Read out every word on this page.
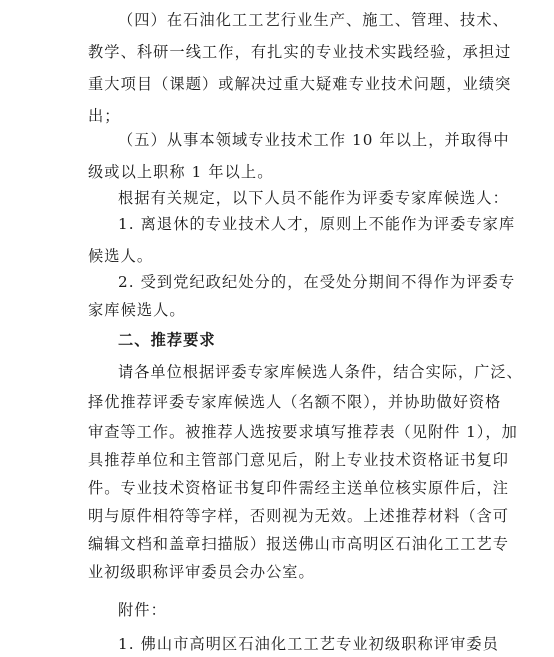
（四）在石油化工工艺行业生产、施工、管理、技术、
教学、科研一线工作，有扎实的专业技术实践经验，承担过
重大项目（课题）或解决过重大疑难专业技术问题，业绩突
出；
（五）从事本领域专业技术工作 10 年以上，并取得中
级或以上职称 1 年以上。
根据有关规定，以下人员不能作为评委专家库候选人：
1. 离退休的专业技术人才，原则上不能作为评委专家库
候选人。
2. 受到党纪政纪处分的，在受处分期间不得作为评委专
家库候选人。
二、推荐要求
请各单位根据评委专家库候选人条件，结合实际，广泛、
择优推荐评委专家库候选人（名额不限），并协助做好资格
审查等工作。被推荐人选按要求填写推荐表（见附件 1），加
具推荐单位和主管部门意见后，附上专业技术资格证书复印
件。专业技术资格证书复印件需经主送单位核实原件后，注
明与原件相符等字样，否则视为无效。上述推荐材料（含可
编辑文档和盖章扫描版）报送佛山市高明区石油化工工艺专
业初级职称评审委员会办公室。
附件：
1. 佛山市高明区石油化工工艺专业初级职称评审委员
